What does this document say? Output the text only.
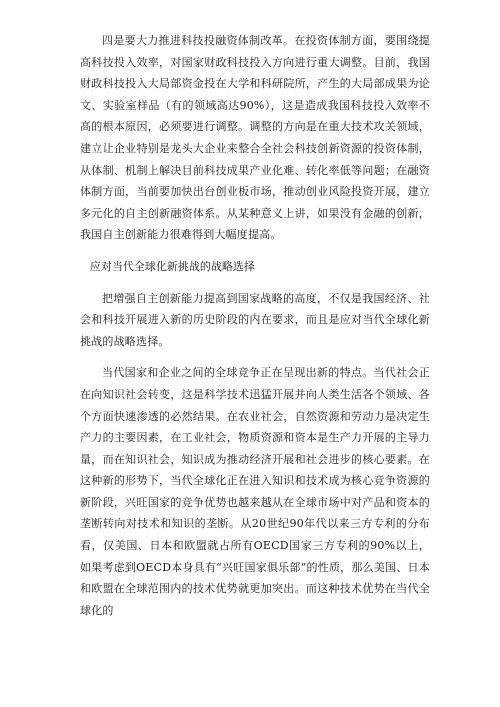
四是要大力推进科技投融资体制改革。在投资体制方面，要围绕提高科技投入效率，对国家财政科技投入方向进行重大调整。目前，我国财政科技投入大局部资金投在大学和科研院所，产生的大局部成果为论文、实验室样品（有的领域高达90%），这是造成我国科技投入效率不高的根本原因，必须要进行调整。调整的方向是在重大技术攻关领域，建立让企业特别是龙头大企业来整合全社会科技创新资源的投资体制，从体制、机制上解决目前科技成果产业化难、转化率低等问题；在融资体制方面，当前要加快出台创业板市场，推动创业风险投资开展，建立多元化的自主创新融资体系。从某种意义上讲，如果没有金融的创新，我国自主创新能力很难得到大幅度提高。

应对当代全球化新挑战的战略选择

把增强自主创新能力提高到国家战略的高度，不仅是我国经济、社会和科技开展进入新的历史阶段的内在要求，而且是应对当代全球化新挑战的战略选择。

当代国家和企业之间的全球竞争正在呈现出新的特点。当代社会正在向知识社会转变，这是科学技术迅猛开展并向人类生活各个领域、各个方面快速渗透的必然结果。在农业社会，自然资源和劳动力是决定生产力的主要因素，在工业社会，物质资源和资本是生产力开展的主导力量，而在知识社会，知识成为推动经济开展和社会进步的核心要素。在这种新的形势下，当代全球化正在进入知识和技术成为核心竞争资源的新阶段，兴旺国家的竞争优势也越来越从在全球市场中对产品和资本的垄断转向对技术和知识的垄断。从20世纪90年代以来三方专利的分布看，仅美国、日本和欧盟就占所有OECD国家三方专利的90%以上，如果考虑到OECD本身具有“兴旺国家俱乐部”的性质，那么美国、日本和欧盟在全球范围内的技术优势就更加突出。而这种技术优势在当代全球化的
